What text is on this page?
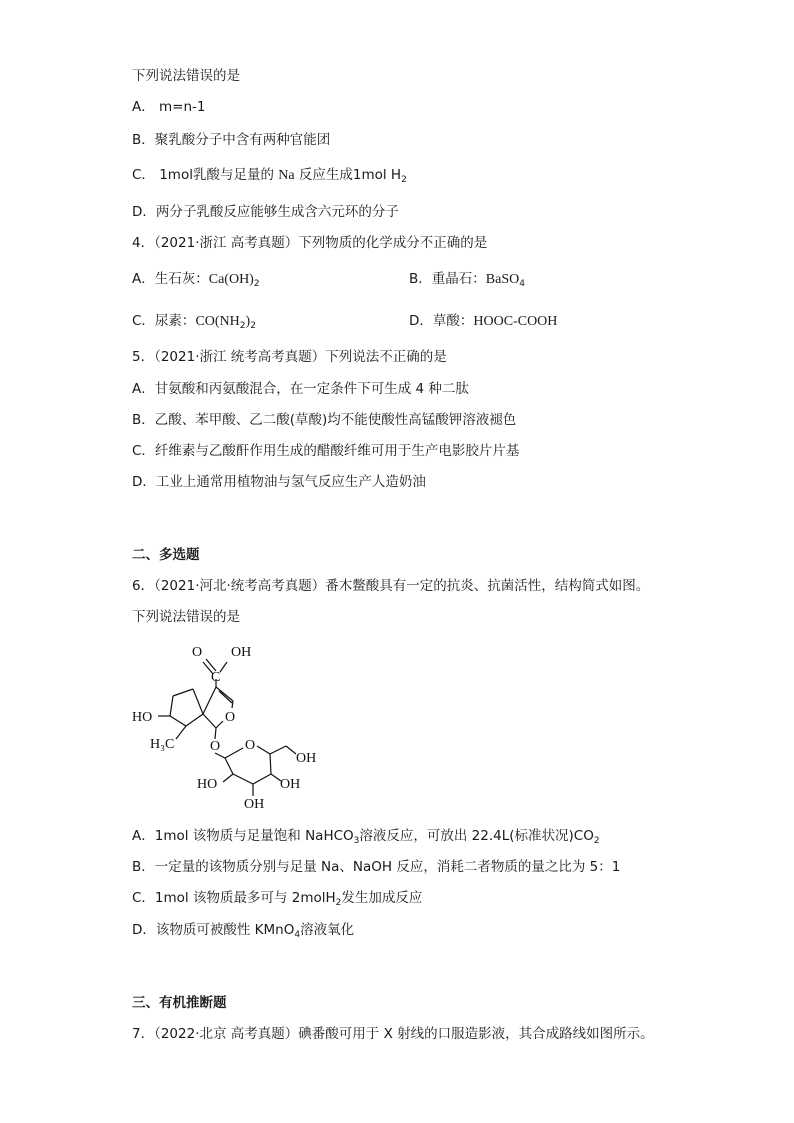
下列说法错误的是
A． m=n-1
B．聚乳酸分子中含有两种官能团
C． 1mol乳酸与足量的 Na 反应生成1mol $H_2$
D．两分子乳酸反应能够生成含六元环的分子
4．（2021·浙江 高考真题）下列物质的化学成分不正确的是
A．生石灰：$Ca(OH)_2$	B．重晶石：BaSO$_4$
C．尿素：$CO(NH_2)_2$	D．草酸：HOOC-COOH
5．（2021·浙江 统考高考真题）下列说法不正确的是
A．甘氨酸和丙氨酸混合，在一定条件下可生成 4 种二肽
B．乙酸、苯甲酸、乙二酸(草酸)均不能使酸性高锰酸钾溶液褪色
C．纤维素与乙酸酐作用生成的醋酸纤维可用于生产电影胶片片基
D．工业上通常用植物油与氢气反应生产人造奶油
二、多选题
6．（2021·河北·统考高考真题）番木鳖酸具有一定的抗炎、抗菌活性，结构简式如图。
下列说法错误的是
O OH
C
HO	O
H₃C	O O
OH
HO	OH
OH
A．1mol 该物质与足量饱和 NaHCO$_3$溶液反应，可放出 22.4L(标准状况)$CO_2$
B．一定量的该物质分别与足量 Na、NaOH 反应，消耗二者物质的量之比为 5：1
C．1mol 该物质最多可与 2molH$_2$发生加成反应
D．该物质可被酸性 KMnO$_4$溶液氧化
三、有机推断题
7．（2022·北京 高考真题）碘番酸可用于 X 射线的口服造影液，其合成路线如图所示。
